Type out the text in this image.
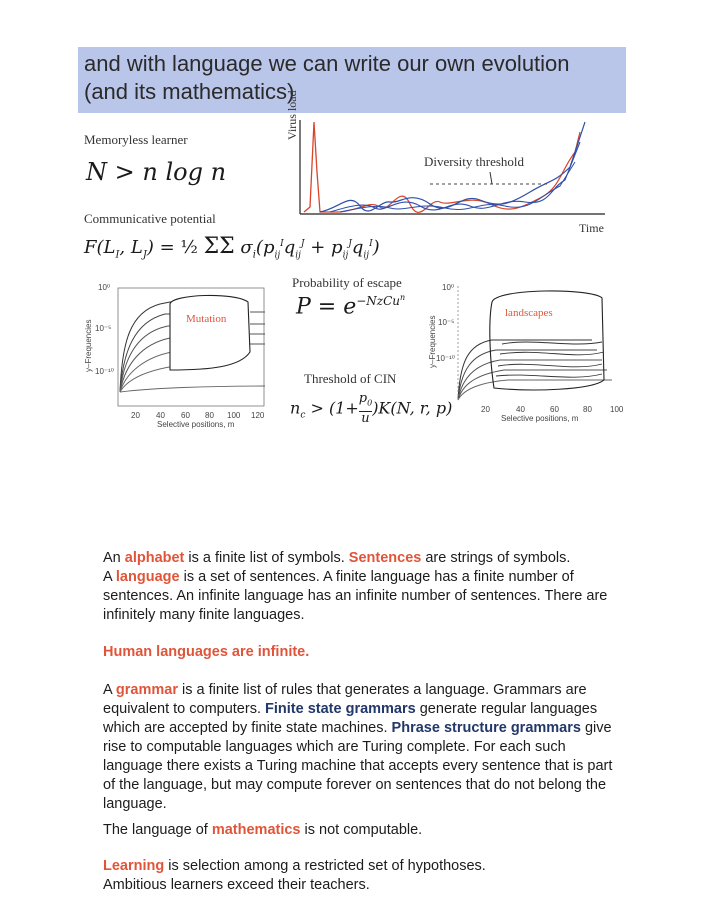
and with language we can write our own evolution
(and its mathematics)
Memoryless learner
N > n log n
Communicative potential
$F(L_I$, $L_J$) = ½ ΣΣ $\sigma_i(p_{ij}^Iq_{ij}^J + p_{ij}^Jq_{ij}^I)$
Probability of escape
$P = e^{-NzCu^n}$
Threshold of CIN
$n_c > (1+ \frac{p_0}{u} )K(N$, r, p)
Virus load
Time
Diversity threshold
10⁰
10⁻⁵
10⁻¹⁰
y–Frequencies
20 40 60 80 100 120
Selective positions, m
Mutation
10⁰
10⁻⁵
10⁻¹⁰
y–Frequencies
20	40	60	80 100
Selective positions, m
landscapes
An alphabet is a finite list of symbols. Sentences are strings of symbols.
A language is a set of sentences. A finite language has a finite number of sentences. An infinite language has an infinite number of sentences. There are infinitely many finite languages.
Human languages are infinite.
A grammar is a finite list of rules that generates a language. Grammars are equivalent to computers. Finite state grammars generate regular languages which are accepted by finite state machines. Phrase structure grammars give rise to computable languages which are Turing complete. For each such language there exists a Turing machine that accepts every sentence that is part of the language, but may compute forever on sentences that do not belong the language.
The language of mathematics is not computable.
Learning is selection among a restricted set of hypothoses.
Ambitious learners exceed their teachers.
